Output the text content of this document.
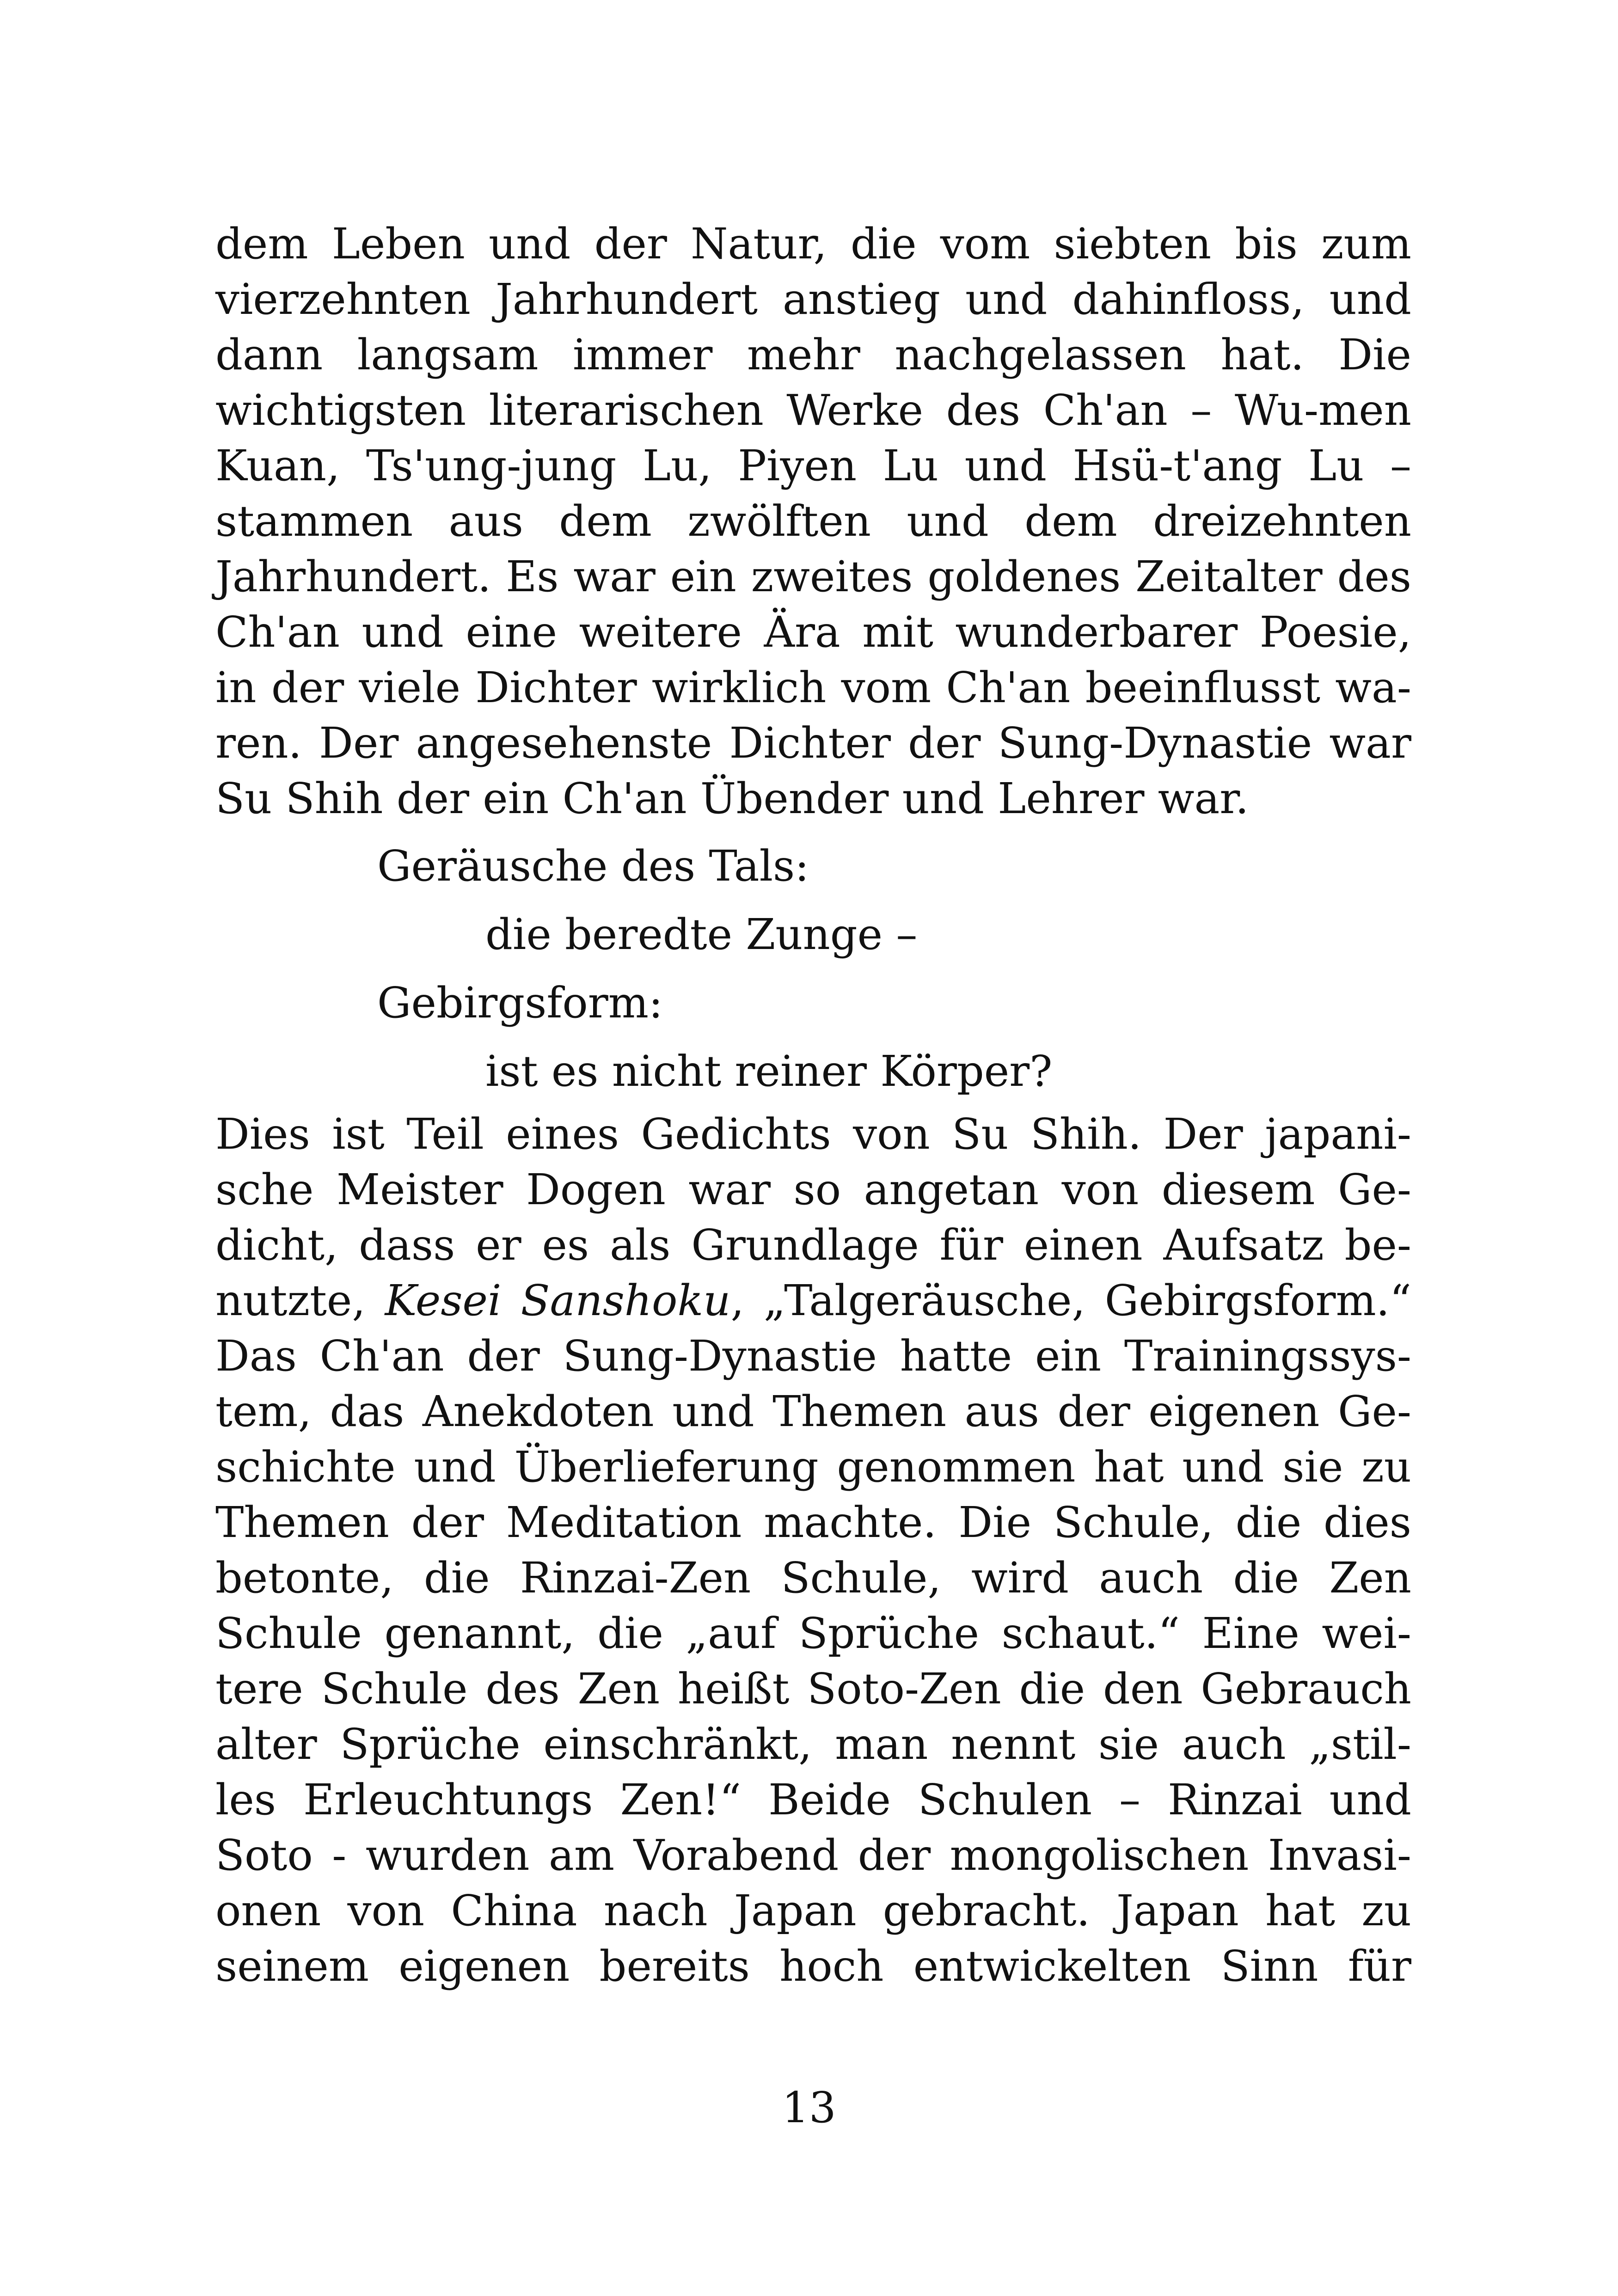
dem Leben und der Natur, die vom siebten bis zum
vierzehnten Jahrhundert anstieg und dahinfloss, und
dann langsam immer mehr nachgelassen hat. Die
wichtigsten literarischen Werke des Ch'an – Wu-men
Kuan, Ts'ung-jung Lu, Piyen Lu und Hsü-t'ang Lu –
stammen aus dem zwölften und dem dreizehnten
Jahrhundert. Es war ein zweites goldenes Zeitalter des
Ch'an und eine weitere Ära mit wunderbarer Poesie,
in der viele Dichter wirklich vom Ch'an beeinflusst wa-
ren. Der angesehenste Dichter der Sung-Dynastie war
Su Shih der ein Ch'an Übender und Lehrer war.
Geräusche des Tals:
die beredte Zunge –
Gebirgsform:
ist es nicht reiner Körper?
Dies ist Teil eines Gedichts von Su Shih. Der japani-
sche Meister Dogen war so angetan von diesem Ge-
dicht, dass er es als Grundlage für einen Aufsatz be-
nutzte, Kesei Sanshoku, „Talgeräusche, Gebirgsform.“
Das Ch'an der Sung-Dynastie hatte ein Trainingssys-
tem, das Anekdoten und Themen aus der eigenen Ge-
schichte und Überlieferung genommen hat und sie zu
Themen der Meditation machte. Die Schule, die dies
betonte, die Rinzai-Zen Schule, wird auch die Zen
Schule genannt, die „auf Sprüche schaut.“ Eine wei-
tere Schule des Zen heißt Soto-Zen die den Gebrauch
alter Sprüche einschränkt, man nennt sie auch „stil-
les Erleuchtungs Zen!“ Beide Schulen – Rinzai und
Soto - wurden am Vorabend der mongolischen Invasi-
onen von China nach Japan gebracht. Japan hat zu
seinem eigenen bereits hoch entwickelten Sinn für
13
